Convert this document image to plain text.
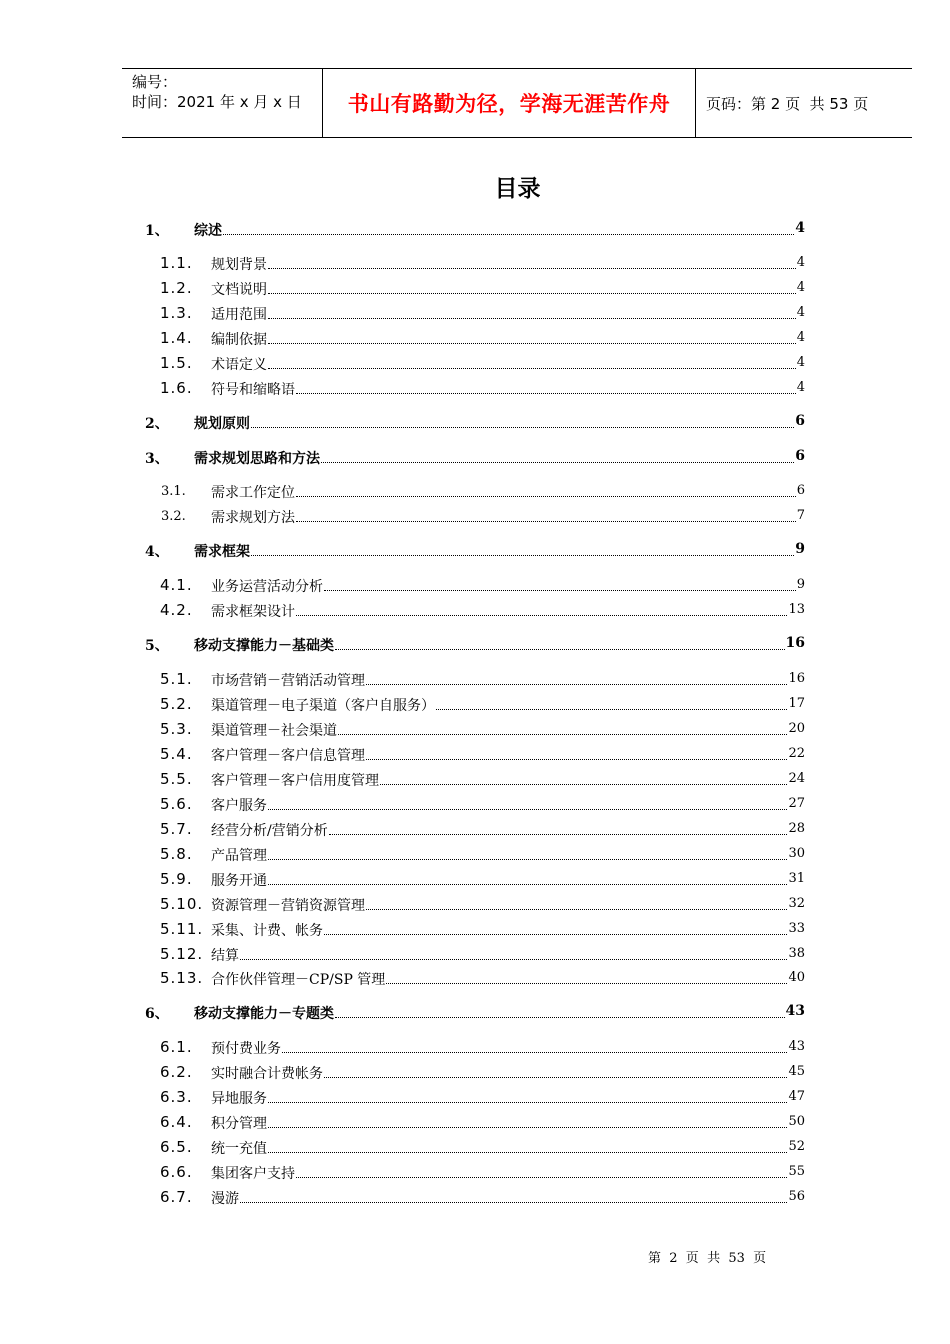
编号：
时间：2021 年 x 月 x 日 书山有路勤为径，学海无涯苦作舟 页码：第 2 页  共 53 页
目录
1、 综述	4
1.1. 规划背景	4
1.2. 文档说明	4
1.3. 适用范围	4
1.4. 编制依据	4
1.5. 术语定义	4
1.6. 符号和缩略语	4
2、 规划原则	6
3、 需求规划思路和方法	6
3.1. 需求工作定位	6
3.2. 需求规划方法	7
4、 需求框架	9
4.1. 业务运营活动分析	9
4.2. 需求框架设计	13
5、 移动支撑能力－基础类	16
5.1. 市场营销－营销活动管理	16
5.2. 渠道管理－电子渠道（客户自服务）	17
5.3. 渠道管理－社会渠道	20
5.4. 客户管理－客户信息管理	22
5.5. 客户管理－客户信用度管理	24
5.6. 客户服务	27
5.7. 经营分析/营销分析	28
5.8. 产品管理	30
5.9. 服务开通	31
5.10. 资源管理－营销资源管理	32
5.11. 采集、计费、帐务	33
5.12. 结算	38
5.13. 合作伙伴管理－CP/SP 管理	40
6、 移动支撑能力－专题类	43
6.1. 预付费业务	43
6.2. 实时融合计费帐务	45
6.3. 异地服务	47
6.4. 积分管理	50
6.5. 统一充值	52
6.6. 集团客户支持	55
6.7. 漫游	56
第  2  页  共  53  页
